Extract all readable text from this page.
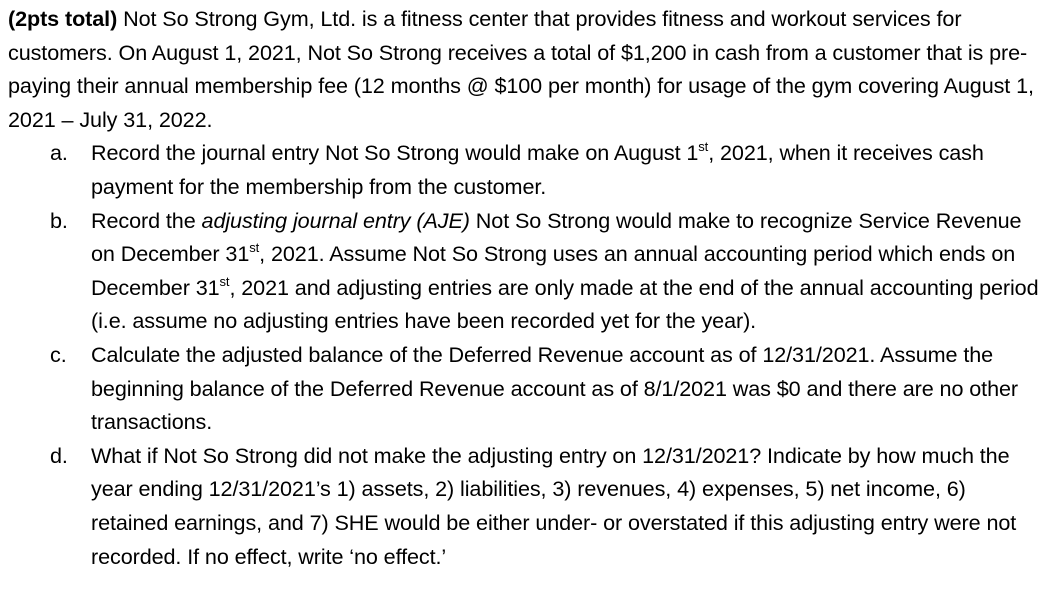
(2pts total) Not So Strong Gym, Ltd. is a fitness center that provides fitness and workout services for customers. On August 1, 2021, Not So Strong receives a total of $1,200 in cash from a customer that is pre-paying their annual membership fee (12 months @ $100 per month) for usage of the gym covering August 1, 2021 – July 31, 2022.

a.	Record the journal entry Not So Strong would make on August 1st, 2021, when it receives cash payment for the membership from the customer.
b.	Record the adjusting journal entry (AJE) Not So Strong would make to recognize Service Revenue on December 31st, 2021. Assume Not So Strong uses an annual accounting period which ends on December 31st, 2021 and adjusting entries are only made at the end of the annual accounting period (i.e. assume no adjusting entries have been recorded yet for the year).
c.	Calculate the adjusted balance of the Deferred Revenue account as of 12/31/2021. Assume the beginning balance of the Deferred Revenue account as of 8/1/2021 was $0 and there are no other transactions.
d.	What if Not So Strong did not make the adjusting entry on 12/31/2021? Indicate by how much the year ending 12/31/2021’s 1) assets, 2) liabilities, 3) revenues, 4) expenses, 5) net income, 6) retained earnings, and 7) SHE would be either under- or overstated if this adjusting entry were not recorded. If no effect, write ‘no effect.’
